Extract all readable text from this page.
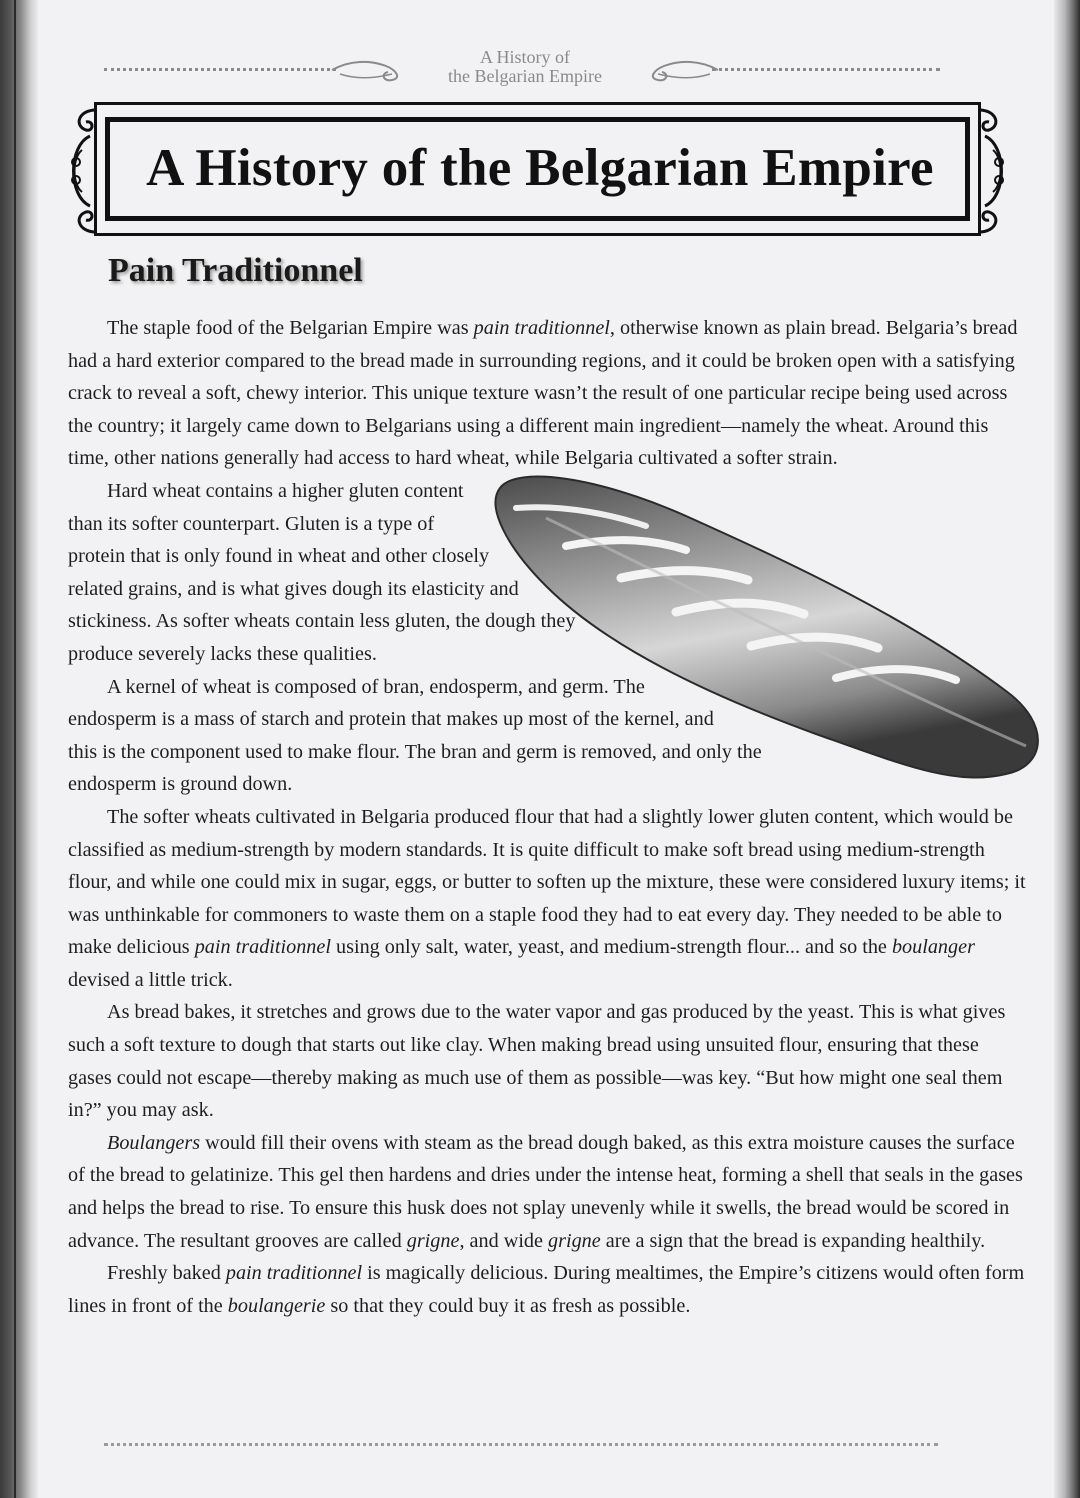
A History of
the Belgarian Empire
A History of the Belgarian Empire
Pain Traditionnel

The staple food of the Belgarian Empire was pain traditionnel, otherwise known as plain bread. Belgaria’s bread had a hard exterior compared to the bread made in surrounding regions, and it could be broken open with a satisfying crack to reveal a soft, chewy interior. This unique texture wasn’t the result of one particular recipe being used across the country; it largely came down to Belgarians using a different main ingredient—namely the wheat. Around this time, other nations generally had access to hard wheat, while Belgaria cultivated a softer strain.

Hard wheat contains a higher gluten content than its softer counterpart. Gluten is a type of protein that is only found in wheat and other closely related grains, and is what gives dough its elasticity and stickiness. As softer wheats contain less gluten, the dough they produce severely lacks these qualities.

A kernel of wheat is composed of bran, endosperm, and germ. The endosperm is a mass of starch and protein that makes up most of the kernel, and this is the component used to make flour. The bran and germ is removed, and only the endosperm is ground down.

The softer wheats cultivated in Belgaria produced flour that had a slightly lower gluten content, which would be classified as medium-strength by modern standards. It is quite difficult to make soft bread using medium-strength flour, and while one could mix in sugar, eggs, or butter to soften up the mixture, these were considered luxury items; it was unthinkable for commoners to waste them on a staple food they had to eat every day. They needed to be able to make delicious pain traditionnel using only salt, water, yeast, and medium-strength flour... and so the boulanger devised a little trick.

As bread bakes, it stretches and grows due to the water vapor and gas produced by the yeast. This is what gives such a soft texture to dough that starts out like clay. When making bread using unsuited flour, ensuring that these gases could not escape—thereby making as much use of them as possible—was key. “But how might one seal them in?” you may ask.

Boulangers would fill their ovens with steam as the bread dough baked, as this extra moisture causes the surface of the bread to gelatinize. This gel then hardens and dries under the intense heat, forming a shell that seals in the gases and helps the bread to rise. To ensure this husk does not splay unevenly while it swells, the bread would be scored in advance. The resultant grooves are called grigne, and wide grigne are a sign that the bread is expanding healthily.

Freshly baked pain traditionnel is magically delicious. During mealtimes, the Empire’s citizens would often form lines in front of the boulangerie so that they could buy it as fresh as possible.
